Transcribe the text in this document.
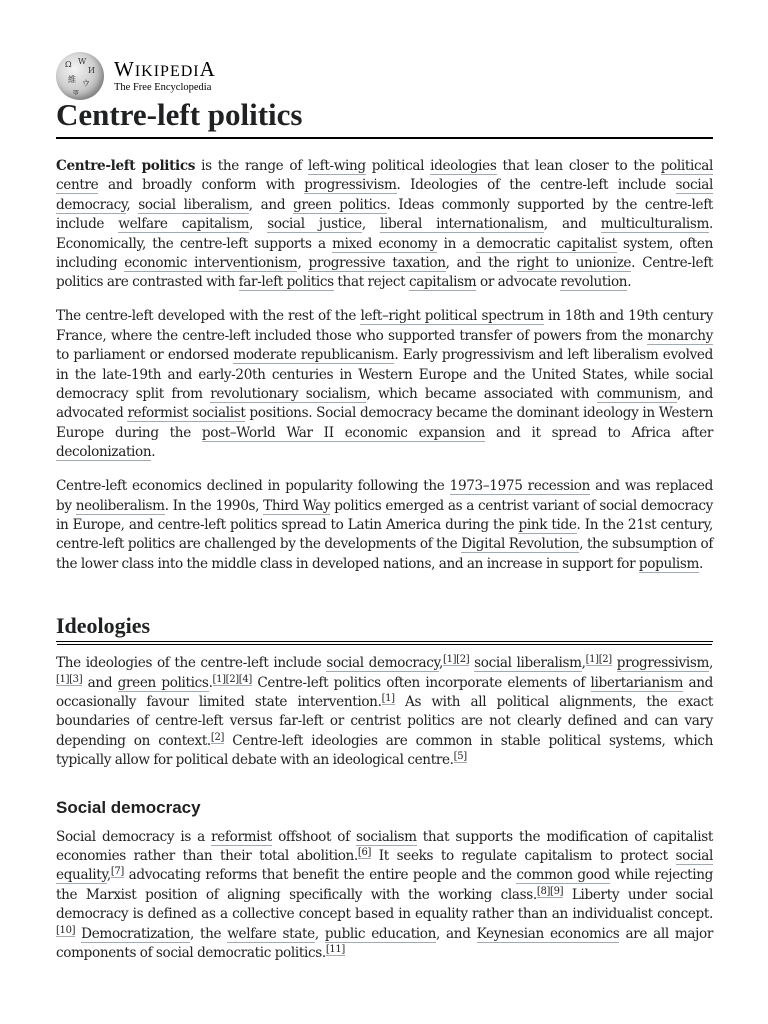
Ω W
И
維 ウ
ক
WIKIPEDIA
The Free Encyclopedia
Centre-left politics

Centre-left politics is the range of left-wing political ideologies that lean closer to the political centre and broadly conform with progressivism. Ideologies of the centre-left include social democracy, social liberalism, and green politics. Ideas commonly supported by the centre-left include welfare capitalism, social justice, liberal internationalism, and multiculturalism. Economically, the centre-left supports a mixed economy in a democratic capitalist system, often including economic interventionism, progressive taxation, and the right to unionize. Centre-left politics are contrasted with far-left politics that reject capitalism or advocate revolution.

The centre-left developed with the rest of the left–right political spectrum in 18th and 19th century France, where the centre-left included those who supported transfer of powers from the monarchy to parliament or endorsed moderate republicanism. Early progressivism and left liberalism evolved in the late-19th and early-20th centuries in Western Europe and the United States, while social democracy split from revolutionary socialism, which became associated with communism, and advocated reformist socialist positions. Social democracy became the dominant ideology in Western Europe during the post–World War II economic expansion and it spread to Africa after decolonization.

Centre-left economics declined in popularity following the 1973–1975 recession and was replaced by neoliberalism. In the 1990s, Third Way politics emerged as a centrist variant of social democracy in Europe, and centre-left politics spread to Latin America during the pink tide. In the 21st century, centre-left politics are challenged by the developments of the Digital Revolution, the subsumption of the lower class into the middle class in developed nations, and an increase in support for populism.

Ideologies

The ideologies of the centre-left include social democracy,[1][2] social liberalism,[1][2] progressivism,[1][3] and green politics.[1][2][4] Centre-left politics often incorporate elements of libertarianism and occasionally favour limited state intervention.[1] As with all political alignments, the exact boundaries of centre-left versus far-left or centrist politics are not clearly defined and can vary depending on context.[2] Centre-left ideologies are common in stable political systems, which typically allow for political debate with an ideological centre.[5]

Social democracy

Social democracy is a reformist offshoot of socialism that supports the modification of capitalist economies rather than their total abolition.[6] It seeks to regulate capitalism to protect social equality,[7] advocating reforms that benefit the entire people and the common good while rejecting the Marxist position of aligning specifically with the working class.[8][9] Liberty under social democracy is defined as a collective concept based in equality rather than an individualist concept.[10] Democratization, the welfare state, public education, and Keynesian economics are all major components of social democratic politics.[11]
